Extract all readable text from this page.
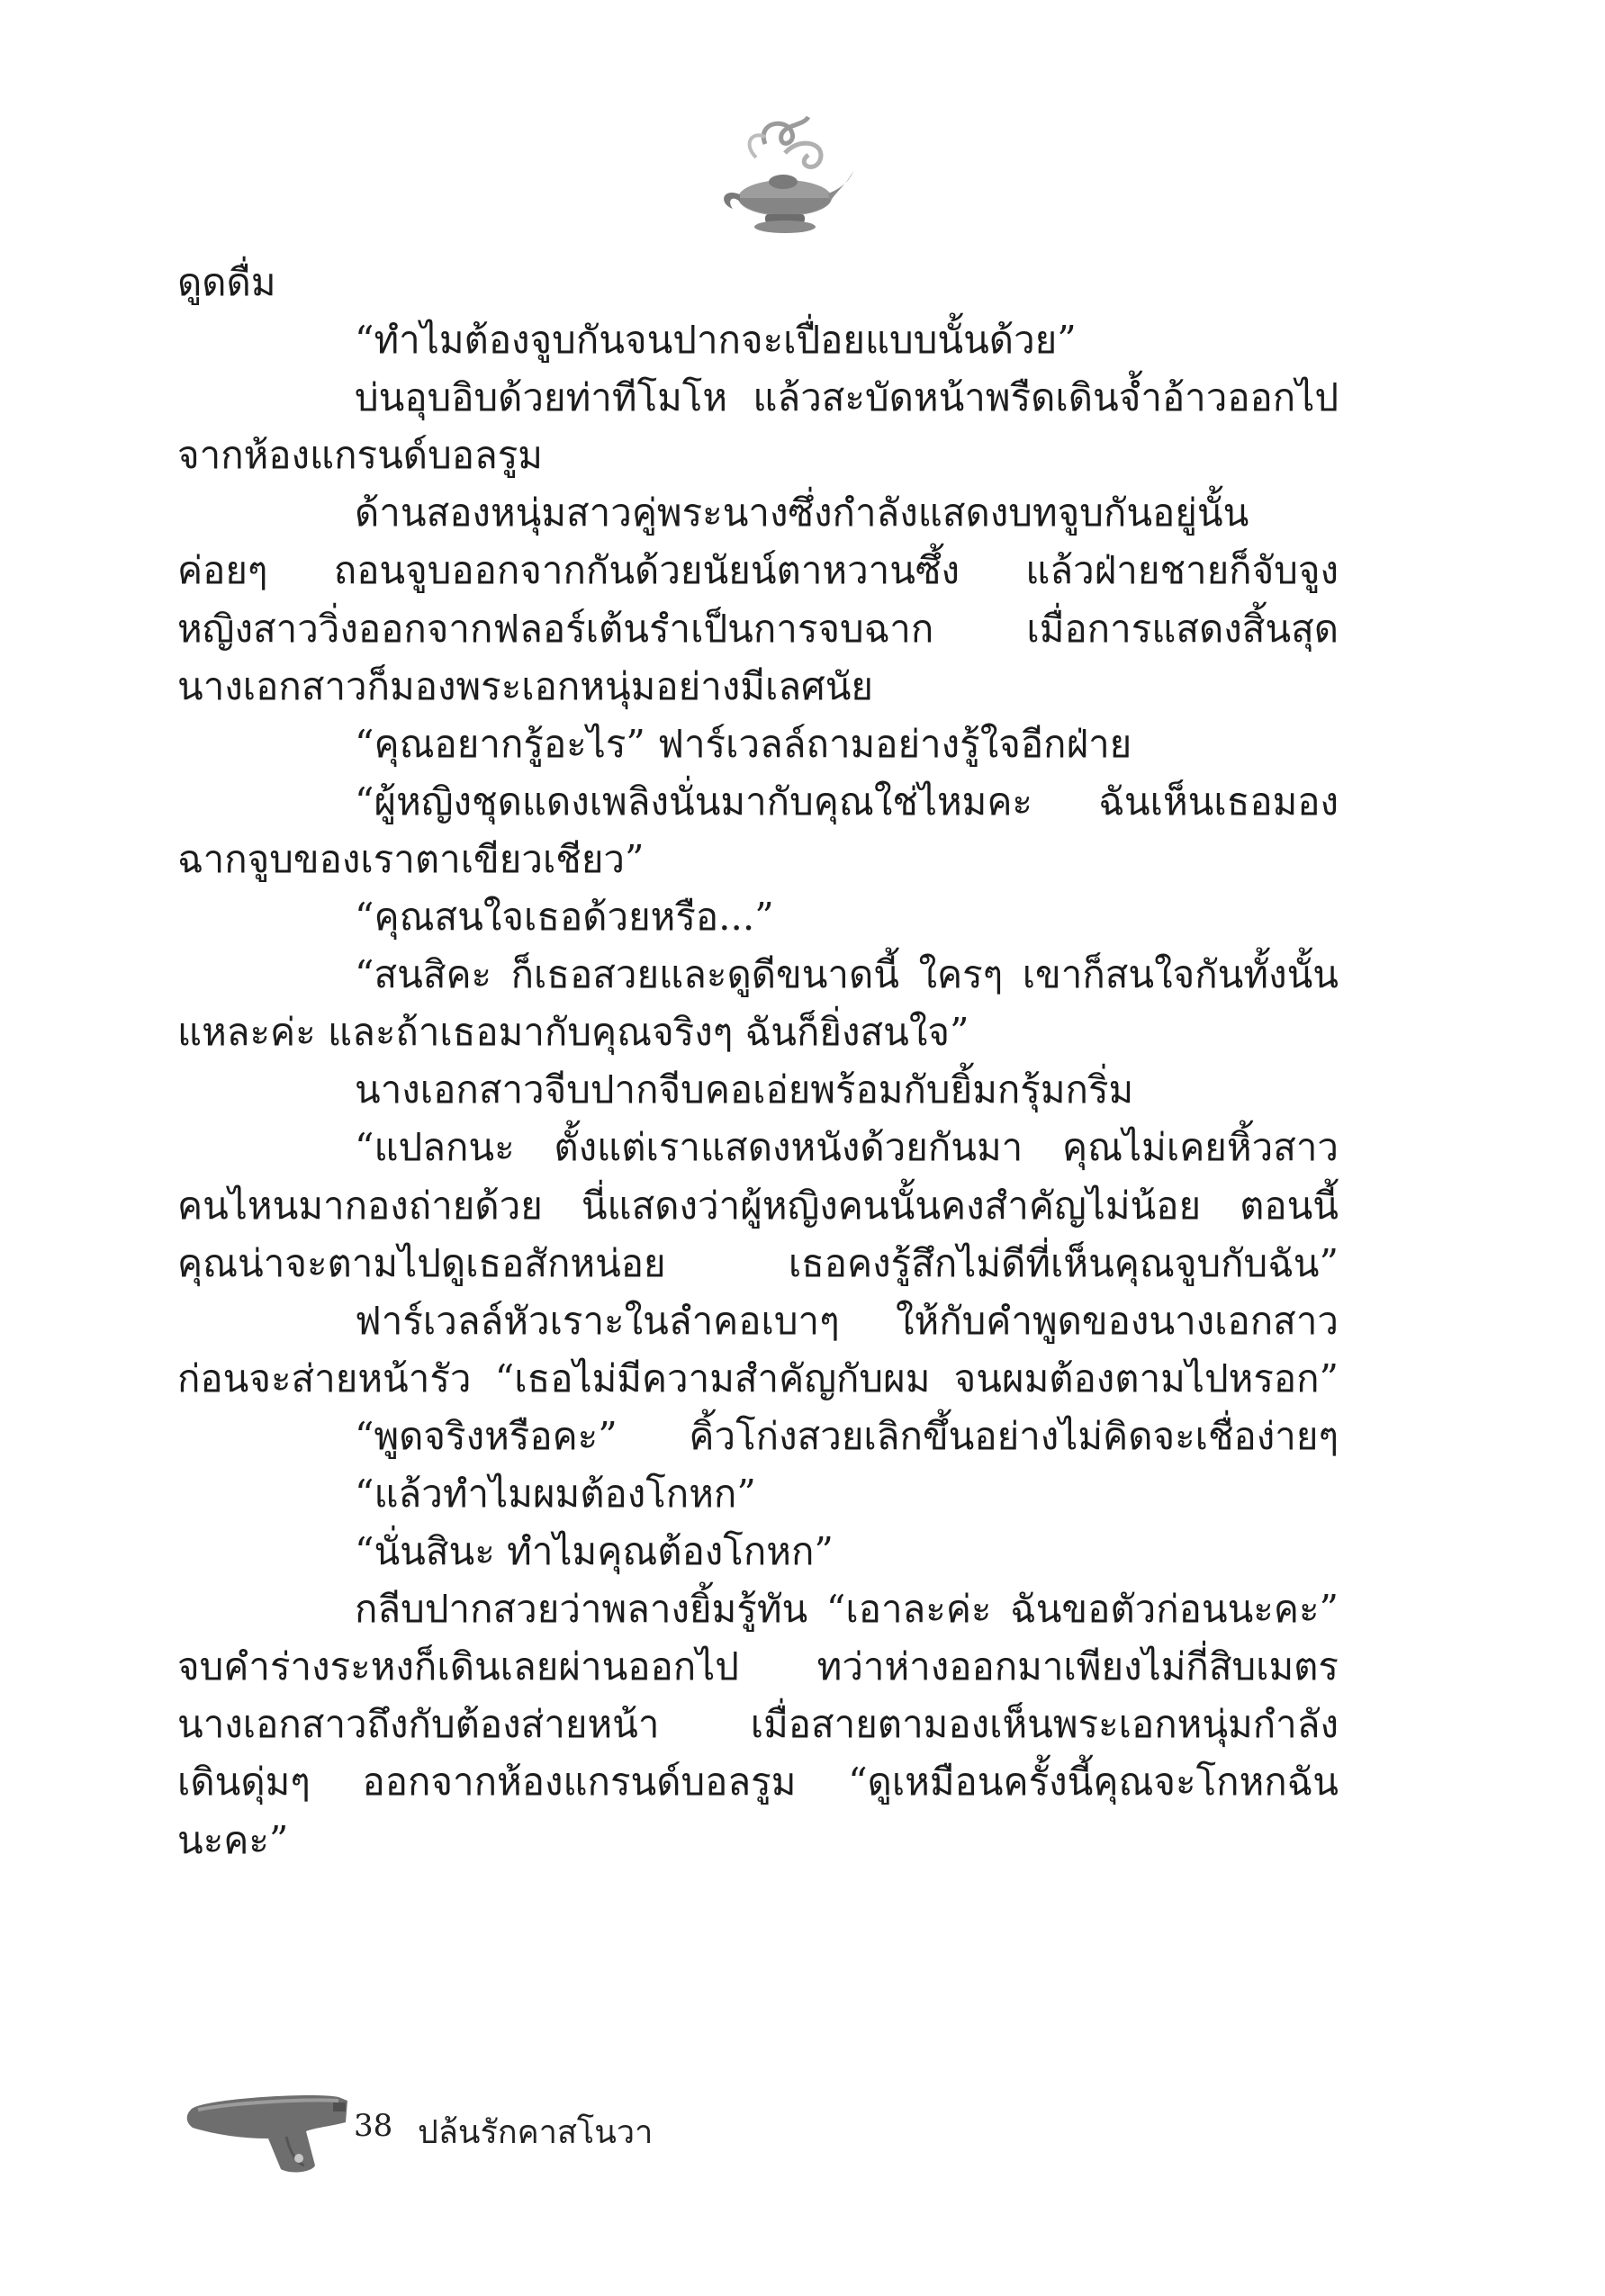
ดูดดื่ม
“ทำไมต้องจูบกันจนปากจะเปื่อยแบบนั้นด้วย”
บ่นอุบอิบด้วยท่าทีโมโห แล้วสะบัดหน้าพรืดเดินจ้ำอ้าวออกไป
จากห้องแกรนด์บอลรูม
ด้านสองหนุ่มสาวคู่พระนางซึ่งกำลังแสดงบทจูบกันอยู่นั้น
ค่อยๆ ถอนจูบออกจากกันด้วยนัยน์ตาหวานซึ้ง แล้วฝ่ายชายก็จับจูง
หญิงสาววิ่งออกจากฟลอร์เต้นรำเป็นการจบฉาก เมื่อการแสดงสิ้นสุด
นางเอกสาวก็มองพระเอกหนุ่มอย่างมีเลศนัย
“คุณอยากรู้อะไร” ฟาร์เวลล์ถามอย่างรู้ใจอีกฝ่าย
“ผู้หญิงชุดแดงเพลิงนั่นมากับคุณใช่ไหมคะ ฉันเห็นเธอมอง
ฉากจูบของเราตาเขียวเชียว”
“คุณสนใจเธอด้วยหรือ...”
“สนสิคะ ก็เธอสวยและดูดีขนาดนี้ ใครๆ เขาก็สนใจกันทั้งนั้น
แหละค่ะ และถ้าเธอมากับคุณจริงๆ ฉันก็ยิ่งสนใจ”
นางเอกสาวจีบปากจีบคอเอ่ยพร้อมกับยิ้มกรุ้มกริ่ม
“แปลกนะ ตั้งแต่เราแสดงหนังด้วยกันมา คุณไม่เคยหิ้วสาว
คนไหนมากองถ่ายด้วย นี่แสดงว่าผู้หญิงคนนั้นคงสำคัญไม่น้อย ตอนนี้
คุณน่าจะตามไปดูเธอสักหน่อย เธอคงรู้สึกไม่ดีที่เห็นคุณจูบกับฉัน”
ฟาร์เวลล์หัวเราะในลำคอเบาๆ ให้กับคำพูดของนางเอกสาว
ก่อนจะส่ายหน้ารัว “เธอไม่มีความสำคัญกับผม จนผมต้องตามไปหรอก”
“พูดจริงหรือคะ” คิ้วโก่งสวยเลิกขึ้นอย่างไม่คิดจะเชื่อง่ายๆ
“แล้วทำไมผมต้องโกหก”
“นั่นสินะ ทำไมคุณต้องโกหก”
กลีบปากสวยว่าพลางยิ้มรู้ทัน “เอาละค่ะ ฉันขอตัวก่อนนะคะ”
จบคำร่างระหงก็เดินเลยผ่านออกไป ทว่าห่างออกมาเพียงไม่กี่สิบเมตร
นางเอกสาวถึงกับต้องส่ายหน้า เมื่อสายตามองเห็นพระเอกหนุ่มกำลัง
เดินดุ่มๆ ออกจากห้องแกรนด์บอลรูม “ดูเหมือนครั้งนี้คุณจะโกหกฉัน
นะคะ”
38 ปล้นรักคาสโนวา
